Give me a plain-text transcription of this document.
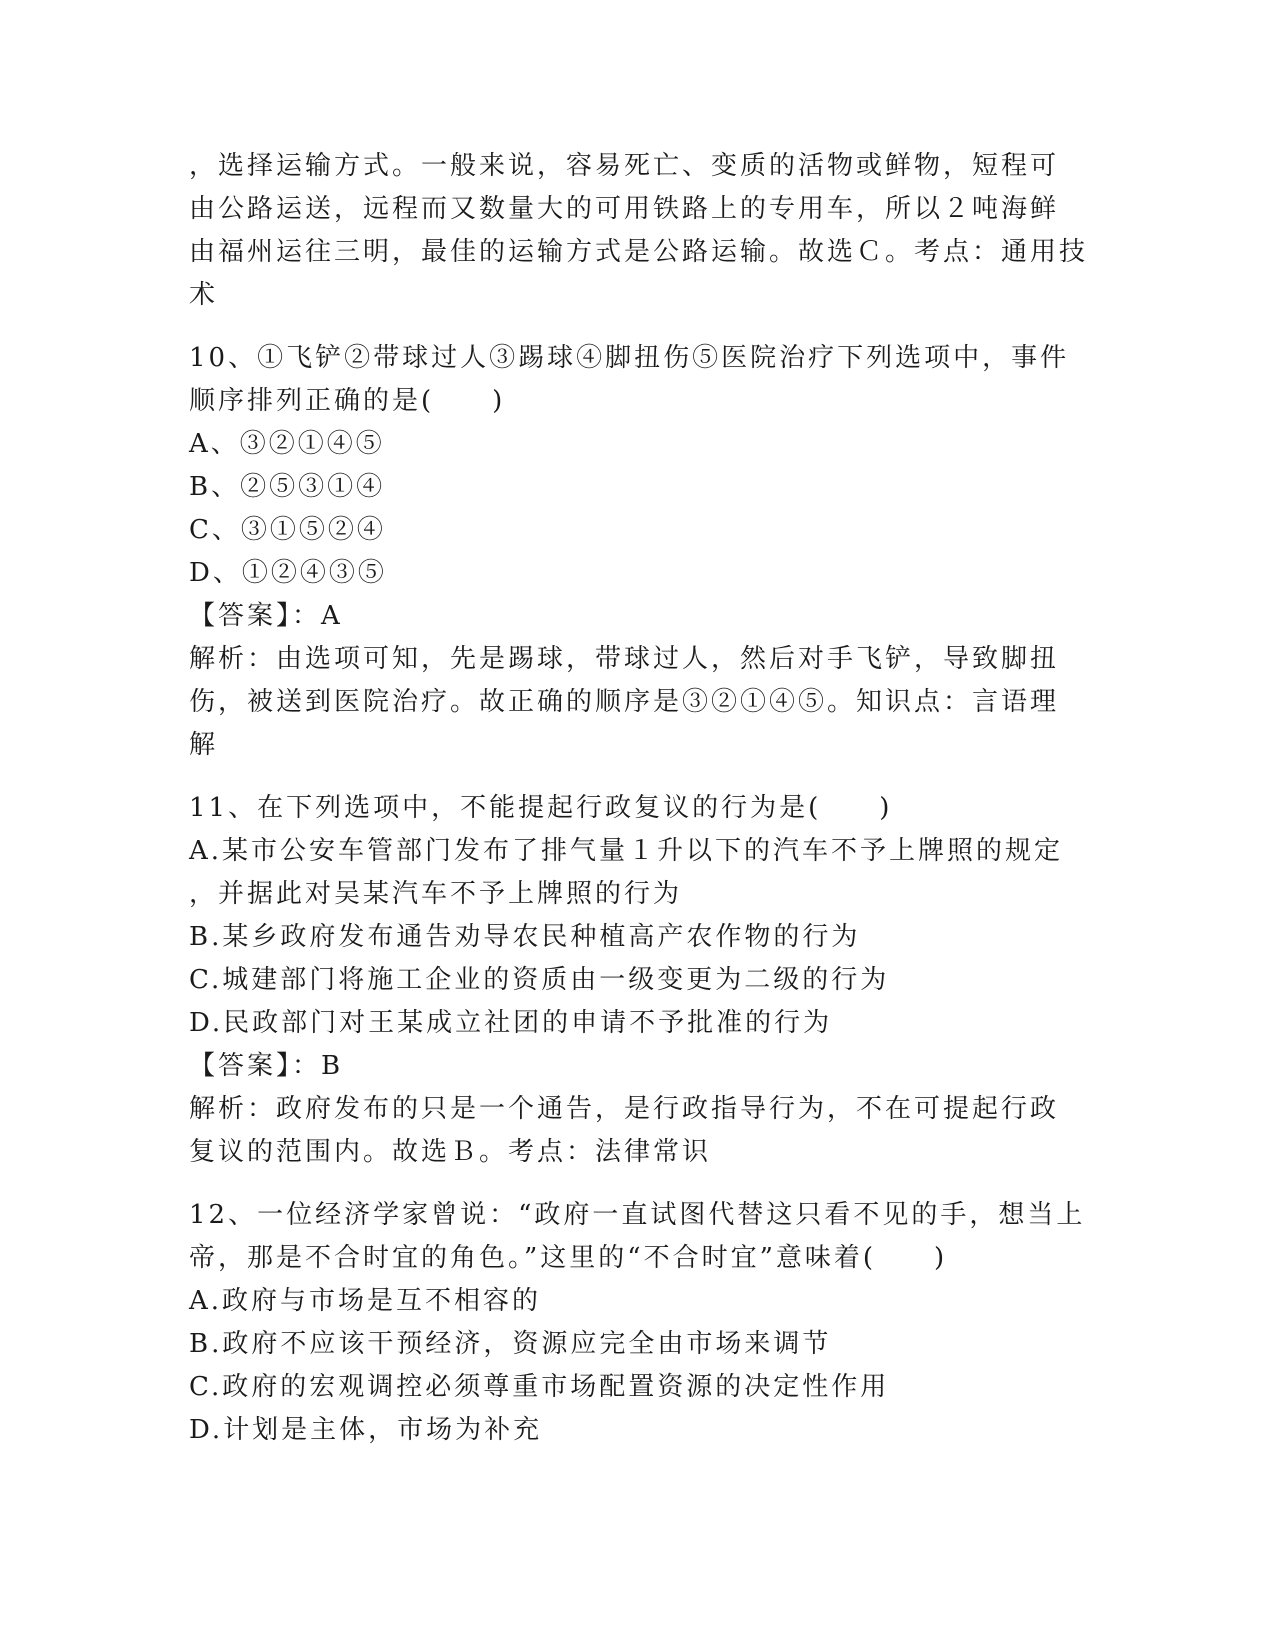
，选择运输方式。一般来说，容易死亡、变质的活物或鲜物，短程可
由公路运送，远程而又数量大的可用铁路上的专用车，所以２吨海鲜
由福州运往三明，最佳的运输方式是公路运输。故选Ｃ。考点：通用技
术
10、①飞铲②带球过人③踢球④脚扭伤⑤医院治疗下列选项中，事件
顺序排列正确的是(　　)
A、③②①④⑤
B、②⑤③①④
C、③①⑤②④
D、①②④③⑤
【答案】：A
解析：由选项可知，先是踢球，带球过人，然后对手飞铲，导致脚扭
伤，被送到医院治疗。故正确的顺序是③②①④⑤。知识点：言语理
解
11、在下列选项中，不能提起行政复议的行为是(　　)
A.某市公安车管部门发布了排气量１升以下的汽车不予上牌照的规定
，并据此对吴某汽车不予上牌照的行为
B.某乡政府发布通告劝导农民种植高产农作物的行为
C.城建部门将施工企业的资质由一级变更为二级的行为
D.民政部门对王某成立社团的申请不予批准的行为
【答案】：B
解析：政府发布的只是一个通告，是行政指导行为，不在可提起行政
复议的范围内。故选Ｂ。考点：法律常识
12、一位经济学家曾说：“政府一直试图代替这只看不见的手，想当上
帝，那是不合时宜的角色。”这里的“不合时宜”意味着(　　)
A.政府与市场是互不相容的
B.政府不应该干预经济，资源应完全由市场来调节
C.政府的宏观调控必须尊重市场配置资源的决定性作用
D.计划是主体，市场为补充
